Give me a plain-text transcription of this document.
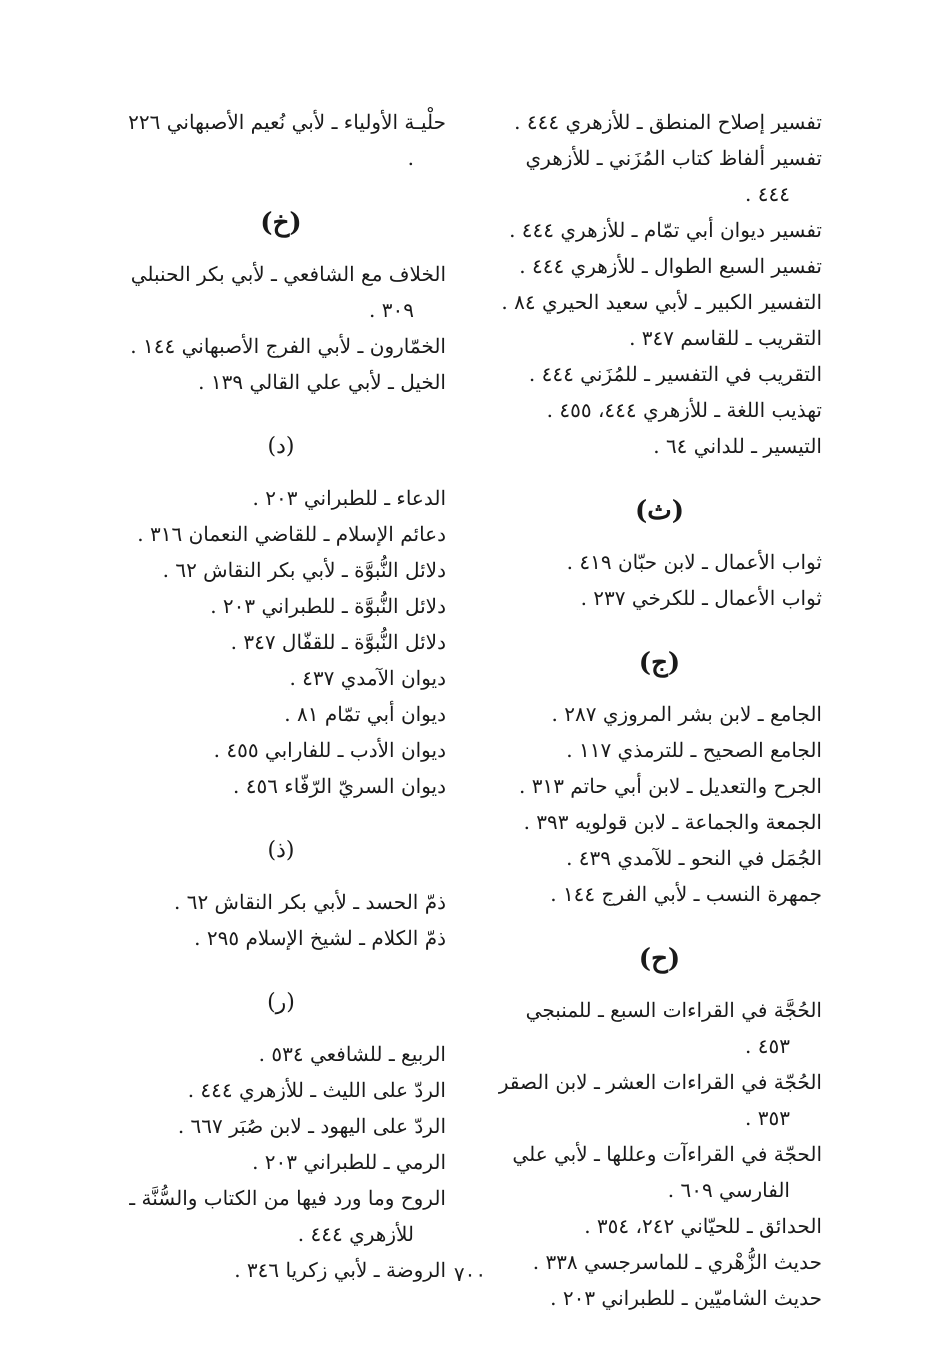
تفسير إصلاح المنطق ـ للأزهري ٤٤٤ .
تفسير ألفاظ كتاب المُزَني ـ للأزهري ٤٤٤ .
تفسير ديوان أبي تمّام ـ للأزهري ٤٤٤ .
تفسير السبع الطوال ـ للأزهري ٤٤٤ .
التفسير الكبير ـ لأبي سعيد الحيري ٨٤ .
التقريب ـ للقاسم ٣٤٧ .
التقريب في التفسير ـ للمُزَني ٤٤٤ .
تهذيب اللغة ـ للأزهري ٤٤٤، ٤٥٥ .
التيسير ـ للداني ٦٤ .
(ث)
ثواب الأعمال ـ لابن حبّان ٤١٩ .
ثواب الأعمال ـ للكرخي ٢٣٧ .
(ج)
الجامع ـ لابن بشر المروزي ٢٨٧ .
الجامع الصحيح ـ للترمذي ١١٧ .
الجرح والتعديل ـ لابن أبي حاتم ٣١٣ .
الجمعة والجماعة ـ لابن قولويه ٣٩٣ .
الجُمَل في النحو ـ للآمدي ٤٣٩ .
جمهرة النسب ـ لأبي الفرج ١٤٤ .
(ح)
الحُجَّة في القراءات السبع ـ للمنبجي ٤٥٣ .
الحُجّة في القراءات العشر ـ لابن الصقر ٣٥٣ .
الحجّة في القراءآت وعللها ـ لأبي علي الفارسي ٦٠٩ .
الحدائق ـ للحيّاني ٢٤٢، ٣٥٤ .
حديث الزُّهْري ـ للماسرجسي ٣٣٨ .
حديث الشاميّين ـ للطبراني ٢٠٣ .
حلْيـة الأولياء ـ لأبي نُعيم الأصبهاني ٢٢٦ .
(خ)
الخلاف مع الشافعي ـ لأبي بكر الحنبلي ٣٠٩ .
الخمّارون ـ لأبي الفرج الأصبهاني ١٤٤ .
الخيل ـ لأبي علي القالي ١٣٩ .
(د)
الدعاء ـ للطبراني ٢٠٣ .
دعائم الإسلام ـ للقاضي النعمان ٣١٦ .
دلائل النُّبوَّة ـ لأبي بكر النقاش ٦٢ .
دلائل النُّبوَّة ـ للطبراني ٢٠٣ .
دلائل النُّبوَّة ـ للقفّال ٣٤٧ .
ديوان الآمدي ٤٣٧ .
ديوان أبي تمّام ٨١ .
ديوان الأدب ـ للفارابي ٤٥٥ .
ديوان السريّ الرّفّاء ٤٥٦ .
(ذ)
ذمّ الحسد ـ لأبي بكر النقاش ٦٢ .
ذمّ الكلام ـ لشيخ الإسلام ٢٩٥ .
(ر)
الربيع ـ للشافعي ٥٣٤ .
الردّ على الليث ـ للأزهري ٤٤٤ .
الردّ على اليهود ـ لابن صُبَر ٦٦٧ .
الرمي ـ للطبراني ٢٠٣ .
الروح وما ورد فيها من الكتاب والسُّنَّة ـ للأزهري ٤٤٤ .
الروضة ـ لأبي زكريا ٣٤٦ . ٧٠٠
